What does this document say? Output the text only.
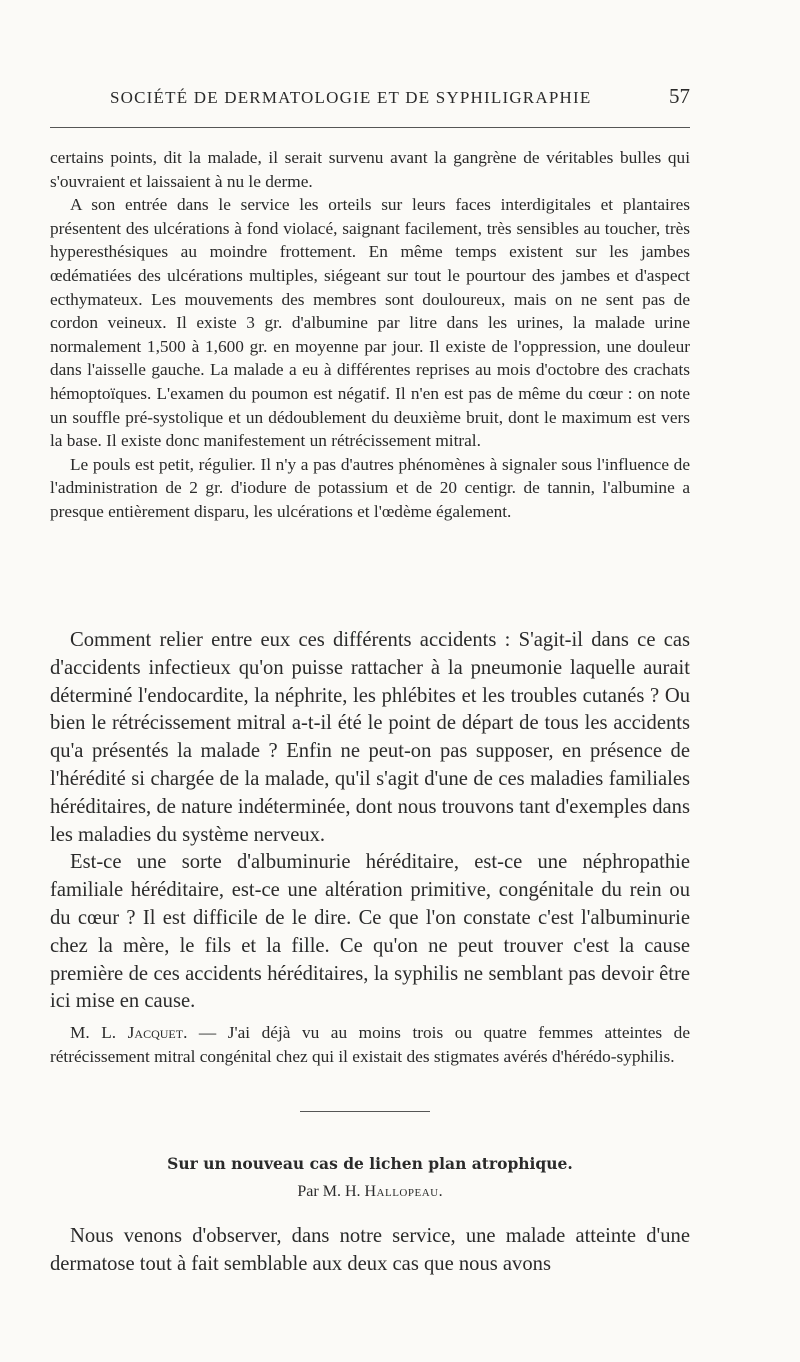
SOCIÉTÉ DE DERMATOLOGIE ET DE SYPHILIGRAPHIE	57

certains points, dit la malade, il serait survenu avant la gangrène de véritables bulles qui s'ouvraient et laissaient à nu le derme.

A son entrée dans le service les orteils sur leurs faces interdigitales et plantaires présentent des ulcérations à fond violacé, saignant facilement, très sensibles au toucher, très hyperesthésiques au moindre frottement. En même temps existent sur les jambes œdématiées des ulcérations multiples, siégeant sur tout le pourtour des jambes et d'aspect ecthymateux. Les mouvements des membres sont douloureux, mais on ne sent pas de cordon veineux. Il existe 3 gr. d'albumine par litre dans les urines, la malade urine normalement 1,500 à 1,600 gr. en moyenne par jour. Il existe de l'oppression, une douleur dans l'aisselle gauche. La malade a eu à différentes reprises au mois d'octobre des crachats hémoptoïques. L'examen du poumon est négatif. Il n'en est pas de même du cœur : on note un souffle pré-systolique et un dédoublement du deuxième bruit, dont le maximum est vers la base. Il existe donc manifestement un rétrécissement mitral.

Le pouls est petit, régulier. Il n'y a pas d'autres phénomènes à signaler sous l'influence de l'administration de 2 gr. d'iodure de potassium et de 20 centigr. de tannin, l'albumine a presque entièrement disparu, les ulcérations et l'œdème également.

Comment relier entre eux ces différents accidents : S'agit-il dans ce cas d'accidents infectieux qu'on puisse rattacher à la pneumonie laquelle aurait déterminé l'endocardite, la néphrite, les phlébites et les troubles cutanés ? Ou bien le rétrécissement mitral a-t-il été le point de départ de tous les accidents qu'a présentés la malade ? Enfin ne peut-on pas supposer, en présence de l'hérédité si chargée de la malade, qu'il s'agit d'une de ces maladies familiales héréditaires, de nature indéterminée, dont nous trouvons tant d'exemples dans les maladies du système nerveux.

Est-ce une sorte d'albuminurie héréditaire, est-ce une néphropathie familiale héréditaire, est-ce une altération primitive, congénitale du rein ou du cœur ? Il est difficile de le dire. Ce que l'on constate c'est l'albuminurie chez la mère, le fils et la fille. Ce qu'on ne peut trouver c'est la cause première de ces accidents héréditaires, la syphilis ne semblant pas devoir être ici mise en cause.

M. L. Jacquet. — J'ai déjà vu au moins trois ou quatre femmes atteintes de rétrécissement mitral congénital chez qui il existait des stigmates avérés d'hérédo-syphilis.

Sur un nouveau cas de lichen plan atrophique.
Par M. H. Hallopeau.

Nous venons d'observer, dans notre service, une malade atteinte d'une dermatose tout à fait semblable aux deux cas que nous avons
